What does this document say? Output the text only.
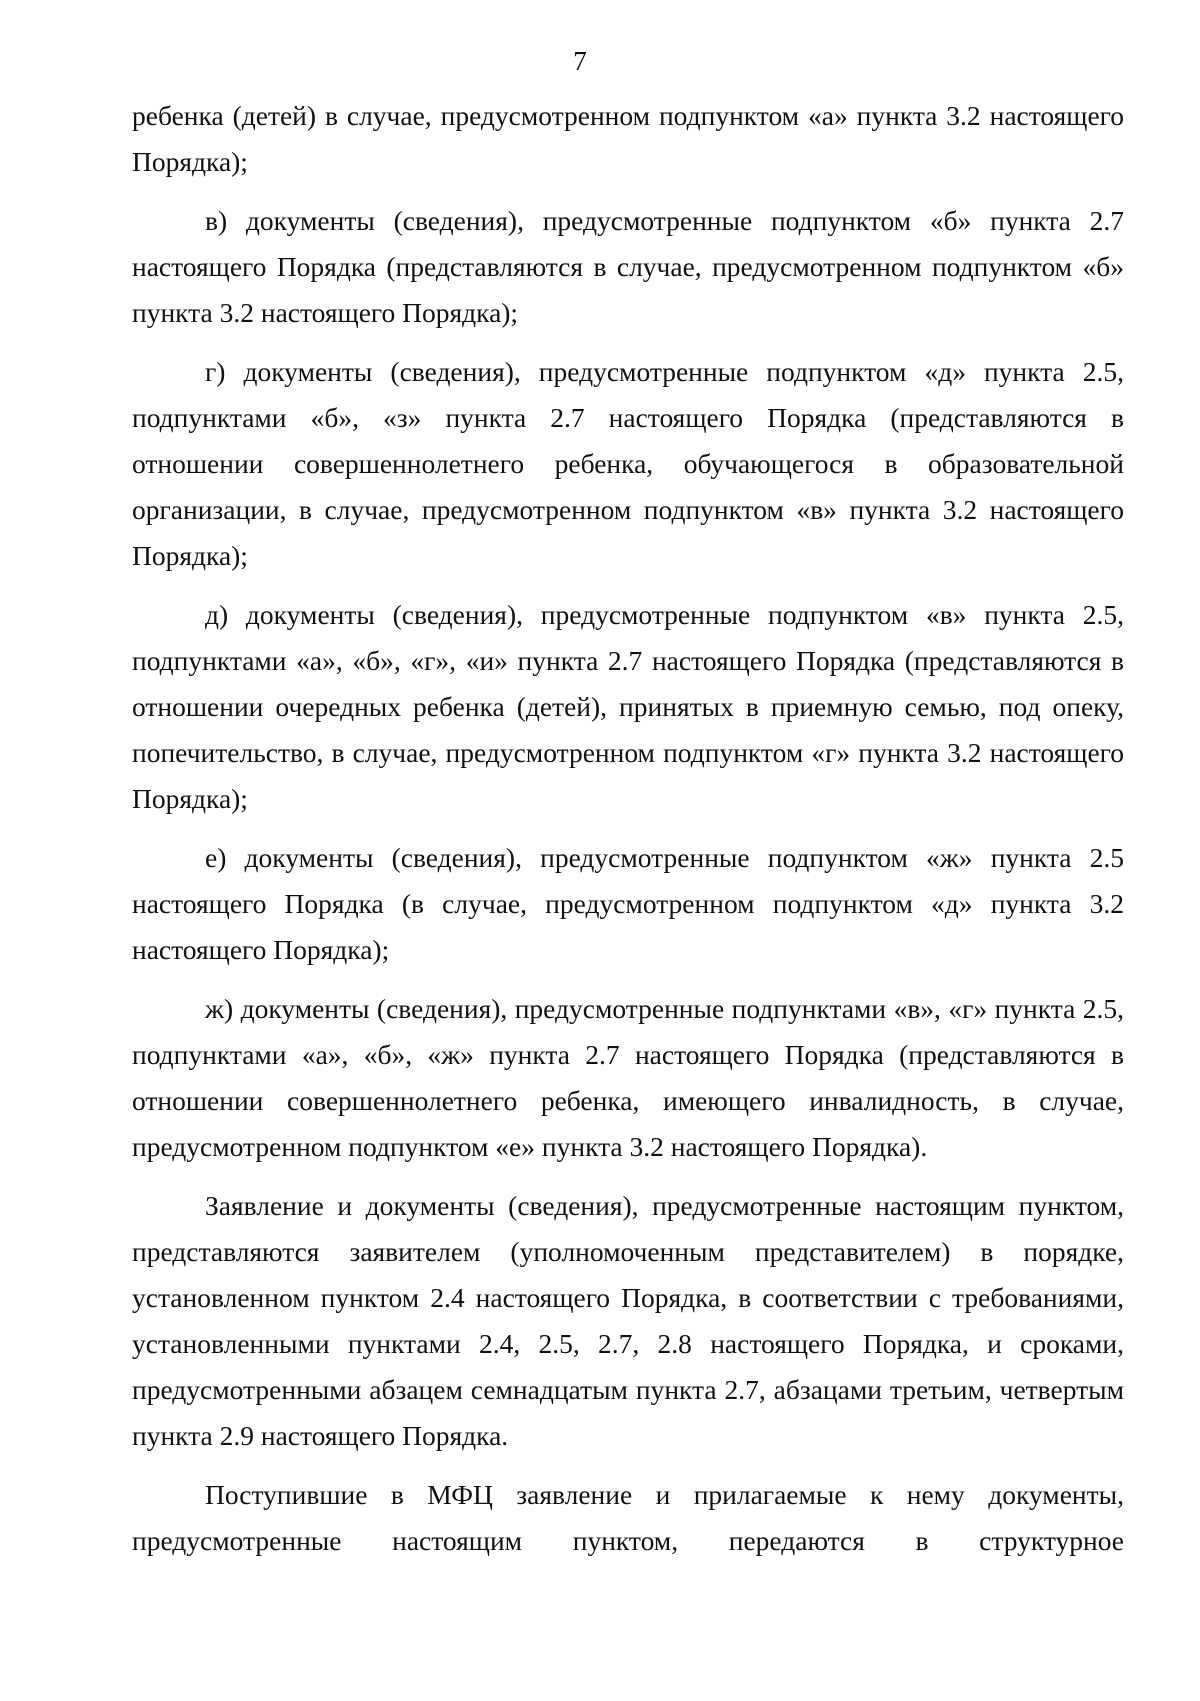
7

ребенка (детей) в случае, предусмотренном подпунктом «а» пункта 3.2 настоящего Порядка);

в) документы (сведения), предусмотренные подпунктом «б» пункта 2.7 настоящего Порядка (представляются в случае, предусмотренном подпунктом «б» пункта 3.2 настоящего Порядка);

г) документы (сведения), предусмотренные подпунктом «д» пункта 2.5, подпунктами «б», «з» пункта 2.7 настоящего Порядка (представляются в отношении совершеннолетнего ребенка, обучающегося в образовательной организации, в случае, предусмотренном подпунктом «в» пункта 3.2 настоящего Порядка);

д) документы (сведения), предусмотренные подпунктом «в» пункта 2.5, подпунктами «а», «б», «г», «и» пункта 2.7 настоящего Порядка (представляются в отношении очередных ребенка (детей), принятых в приемную семью, под опеку, попечительство, в случае, предусмотренном подпунктом «г» пункта 3.2 настоящего Порядка);

е) документы (сведения), предусмотренные подпунктом «ж» пункта 2.5 настоящего Порядка (в случае, предусмотренном подпунктом «д» пункта 3.2 настоящего Порядка);

ж) документы (сведения), предусмотренные подпунктами «в», «г» пункта 2.5, подпунктами «а», «б», «ж» пункта 2.7 настоящего Порядка (представляются в отношении совершеннолетнего ребенка, имеющего инвалидность, в случае, предусмотренном подпунктом «е» пункта 3.2 настоящего Порядка).

Заявление и документы (сведения), предусмотренные настоящим пунктом, представляются заявителем (уполномоченным представителем) в порядке, установленном пунктом 2.4 настоящего Порядка, в соответствии с требованиями, установленными пунктами 2.4, 2.5, 2.7, 2.8 настоящего Порядка, и сроками, предусмотренными абзацем семнадцатым пункта 2.7, абзацами третьим, четвертым пункта 2.9 настоящего Порядка.

Поступившие в МФЦ заявление и прилагаемые к нему документы, предусмотренные настоящим пунктом, передаются в структурное
